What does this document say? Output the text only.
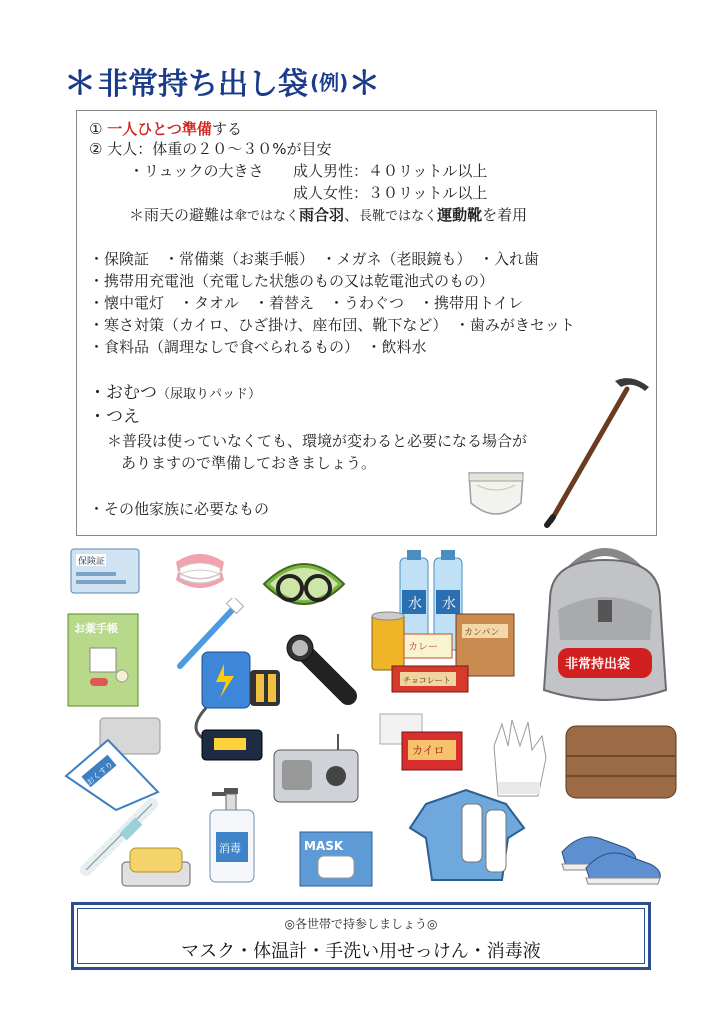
＊非常持ち出し袋 (例)＊
① 一人ひとつ準備する
② 大人：体重の２０～３０%が目安
・リュックの大きさ 成人男性：４０リットル以上
成人女性：３０リットル以上
＊雨天の避難は傘ではなく雨合羽、長靴ではなく運動靴を着用
・保険証　・常備薬（お薬手帳）　・メガネ（老眼鏡も）　・入れ歯
・携帯用充電池（充電した状態のもの又は乾電池式のもの）
・懐中電灯　・タオル　・着替え　・うわぐつ　・携帯用トイレ
・寒さ対策（カイロ、ひざ掛け、座布団、靴下など）　・歯みがきセット
・食料品（調理なしで食べられるもの）　・飲料水
・おむつ（尿取りパッド）
・つえ
＊普段は使っていなくても、環境が変わると必要になる場合が
ありますので準備しておきましょう。
・その他家族に必要なもの
保険証
水 水
カレー
カンパン
チョコレート
非常持出袋
お薬手帳
おくすり
カイロ
消毒	MASK
◎各世帯で持参しましょう◎
マスク・体温計・手洗い用せっけん・消毒液
